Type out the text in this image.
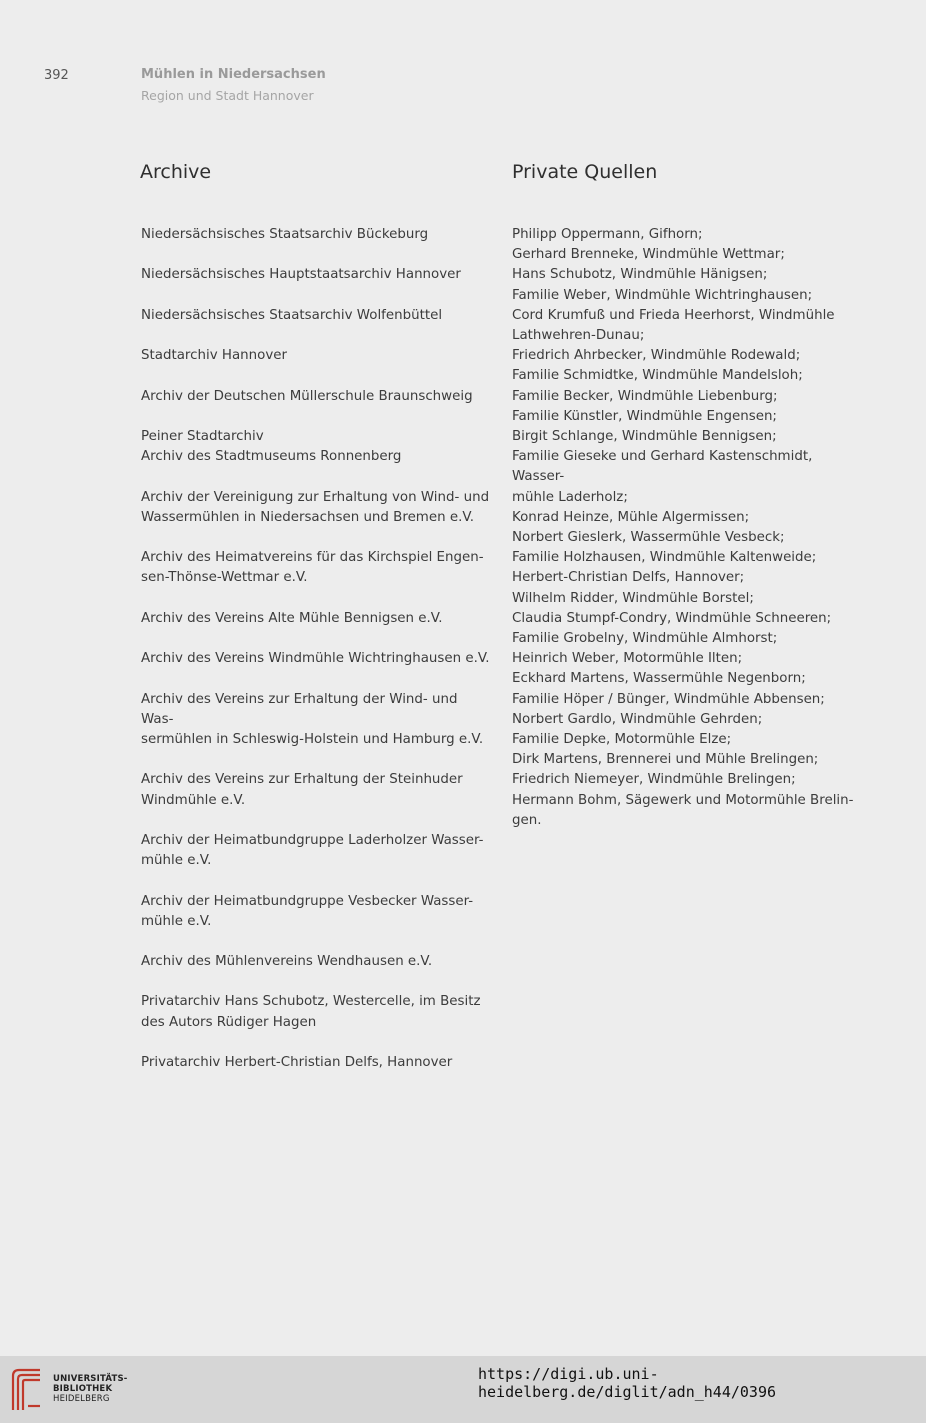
392	Mühlen in Niedersachsen
Region und Stadt Hannover
Archive	Private Quellen
Niedersächsisches Staatsarchiv Bückeburg
Niedersächsisches Hauptstaatsarchiv Hannover
Niedersächsisches Staatsarchiv Wolfenbüttel
Stadtarchiv Hannover
Archiv der Deutschen Müllerschule Braunschweig
Peiner Stadtarchiv
Archiv des Stadtmuseums Ronnenberg
Archiv der Vereinigung zur Erhaltung von Wind- und
Wassermühlen in Niedersachsen und Bremen e.V.
Archiv des Heimatvereins für das Kirchspiel Engen-
sen-Thönse-Wettmar e.V.
Archiv des Vereins Alte Mühle Bennigsen e.V.
Archiv des Vereins Windmühle Wichtringhausen e.V.
Archiv des Vereins zur Erhaltung der Wind- und Was-
sermühlen in Schleswig-Holstein und Hamburg e.V.
Archiv des Vereins zur Erhaltung der Steinhuder
Windmühle e.V.
Archiv der Heimatbundgruppe Laderholzer Wasser-
mühle e.V.
Archiv der Heimatbundgruppe Vesbecker Wasser-
mühle e.V.
Archiv des Mühlenvereins Wendhausen e.V.
Privatarchiv Hans Schubotz, Westercelle, im Besitz
des Autors Rüdiger Hagen
Privatarchiv Herbert-Christian Delfs, Hannover
Philipp Oppermann, Gifhorn;
Gerhard Brenneke, Windmühle Wettmar;
Hans Schubotz, Windmühle Hänigsen;
Familie Weber, Windmühle Wichtringhausen;
Cord Krumfuß und Frieda Heerhorst, Windmühle
Lathwehren-Dunau;
Friedrich Ahrbecker, Windmühle Rodewald;
Familie Schmidtke, Windmühle Mandelsloh;
Familie Becker, Windmühle Liebenburg;
Familie Künstler, Windmühle Engensen;
Birgit Schlange, Windmühle Bennigsen;
Familie Gieseke und Gerhard Kastenschmidt, Wasser-
mühle Laderholz;
Konrad Heinze, Mühle Algermissen;
Norbert Gieslerk, Wassermühle Vesbeck;
Familie Holzhausen, Windmühle Kaltenweide;
Herbert-Christian Delfs, Hannover;
Wilhelm Ridder, Windmühle Borstel;
Claudia Stumpf-Condry, Windmühle Schneeren;
Familie Grobelny, Windmühle Almhorst;
Heinrich Weber, Motormühle Ilten;
Eckhard Martens, Wassermühle Negenborn;
Familie Höper / Bünger, Windmühle Abbensen;
Norbert Gardlo, Windmühle Gehrden;
Familie Depke, Motormühle Elze;
Dirk Martens, Brennerei und Mühle Brelingen;
Friedrich Niemeyer, Windmühle Brelingen;
Hermann Bohm, Sägewerk und Motormühle Brelin-
gen.
UNIVERSITÄTS-
BIBLIOTHEK
HEIDELBERG
https://digi.ub.uni-heidelberg.de/diglit/adn_h44/0396
